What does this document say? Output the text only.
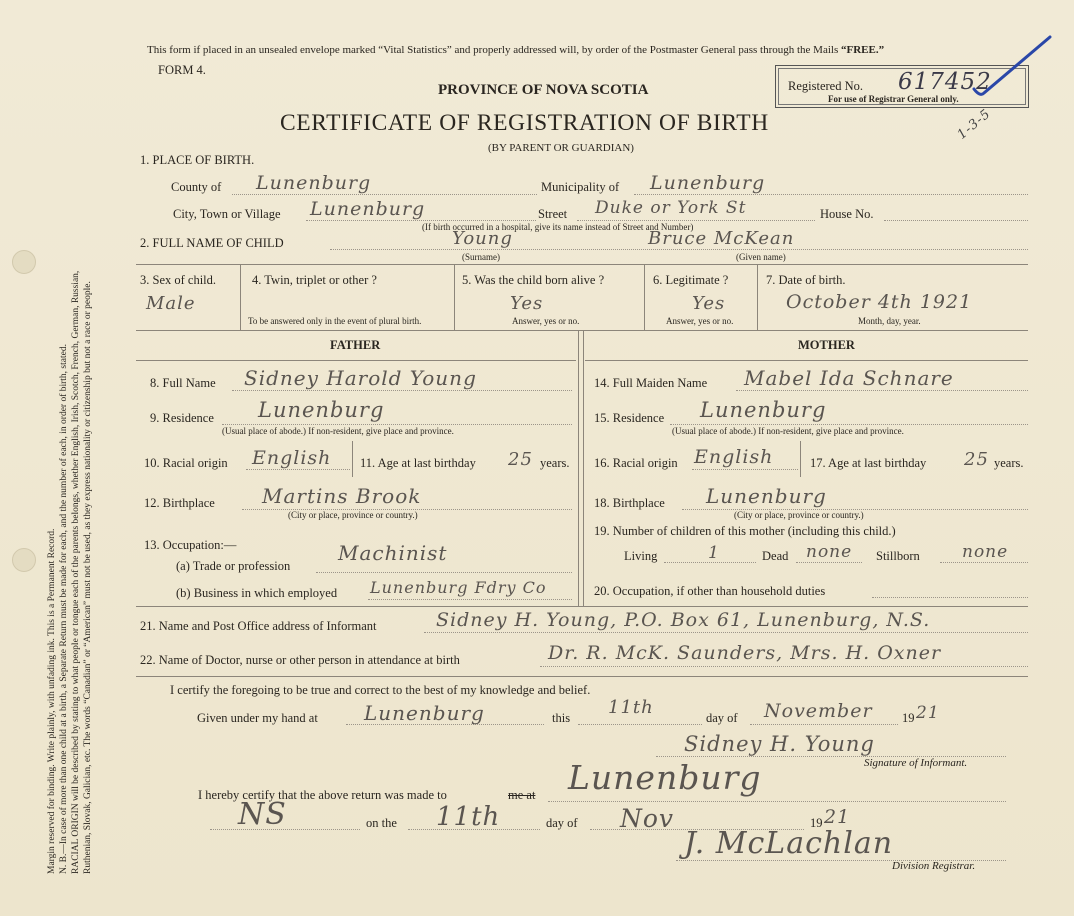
Margin reserved for binding. Write plainly, with unfading ink. This is a Permanent Record. N. B.—In case of more than one child at a birth, a Separate Return must be made for each, and the number of each, in order of birth, stated. RACIAL ORIGIN will be described by stating to what people or tongue each of the parents belongs, whether English, Irish, Scotch, French, German, Russian, Ruthenian, Slovak, Galician, etc. The words “Canadian” or “American” must not be used, as they express nationality or citizenship but not a race or people.
This form if placed in an unsealed envelope marked “Vital Statistics” and properly addressed will, by order of the Postmaster General pass through the Mails “FREE.”
FORM 4.
PROVINCE OF NOVA SCOTIA	Registered No. 617452
For use of Registrar General only.
CERTIFICATE OF REGISTRATION OF BIRTH
(BY PARENT OR GUARDIAN)
1-3-5
1. PLACE OF BIRTH.
County of Lunenburg	Municipality of Lunenburg
City, Town or Village Lunenburg
(If birth occurred in a hospital, give its name instead of Street and Number)
Street Duke or York St	House No.
2. FULL NAME OF CHILD	Young	Bruce McKean
(Surname)	(Given name)
3. Sex of child.
Male
4. Twin, triplet or other ?
To be answered only in the event of plural birth.
5. Was the child born alive ?
Yes
Answer, yes or no.
6. Legitimate ?
Yes
Answer, yes or no.
7. Date of birth.
October 4th 1921
Month, day, year.
FATHER	MOTHER
8. Full Name Sidney Harold Young
9. Residence Lunenburg
(Usual place of abode.) If non-resident, give place and province.
10. Racial origin English 11. Age at last birthday 25 years.
12. Birthplace Martins Brook
(City or place, province or country.)
13. Occupation:—
(a) Trade or profession
Machinist
(b) Business in which employed Lunenburg Fdry Co
14. Full Maiden Name Mabel Ida Schnare
15. Residence Lunenburg
(Usual place of abode.) If non-resident, give place and province.
16. Racial origin English	17. Age at last birthday 25 years.
18. Birthplace Lunenburg
(City or place, province or country.)
19. Number of children of this mother (including this child.)
Living	1	Dead none Stillborn none
20. Occupation, if other than household duties
21. Name and Post Office address of Informant	Sidney H. Young, P.O. Box 61, Lunenburg, N.S.
22. Name of Doctor, nurse or other person in attendance at birth	Dr. R. McK. Saunders, Mrs. H. Oxner
I certify the foregoing to be true and correct to the best of my knowledge and belief.
Given under my hand at Lunenburg	this 11th	day of November 19 21
Sidney H. Young
Signature of Informant.
I hereby certify that the above return was made to	me at Lunenburg
NS	on the 11th	day of Nov	19 21
J. McLachlan
Division Registrar.
